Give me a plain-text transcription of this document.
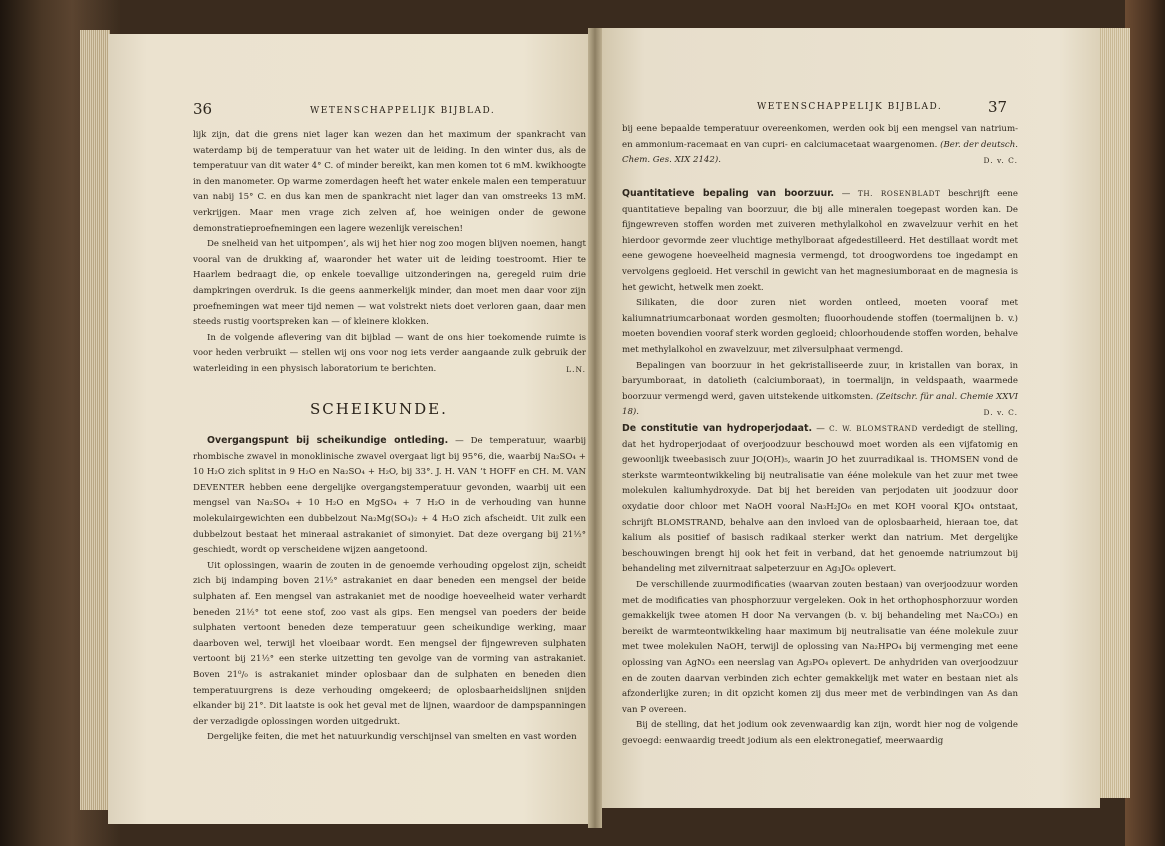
36	WETENSCHAPPELIJK BIJBLAD.

lijk zijn, dat die grens niet lager kan wezen dan het maximum der spankracht van waterdamp bij de temperatuur van het water uit de leiding. In den winter dus, als de temperatuur van dit water 4° C. of minder bereikt, kan men komen tot 6 mM. kwikhoogte in den manometer. Op warme zomerdagen heeft het water enkele malen een temperatuur van nabij 15° C. en dus kan men de spankracht niet lager dan van omstreeks 13 mM. verkrijgen. Maar men vrage zich zelven af, hoe weinigen onder de gewone demonstratieproefnemingen een lagere wezenlijk vereischen!

De snelheid van het uitpompen’, als wij het hier nog zoo mogen blijven noemen, hangt vooral van de drukking af, waaronder het water uit de leiding toestroomt. Hier te Haarlem bedraagt die, op enkele toevallige uitzonderingen na, geregeld ruim drie dampkringen overdruk. Is die geens aanmerkelijk minder, dan moet men daar voor zijn proefnemingen wat meer tijd nemen — wat volstrekt niets doet verloren gaan, daar men steeds rustig voortspreken kan — of kleinere klokken.

In de volgende aflevering van dit bijblad — want de ons hier toekomende ruimte is voor heden verbruikt — stellen wij ons voor nog iets verder aangaande zulk gebruik der waterleiding in een physisch laboratorium te berichten.	L.N.

SCHEIKUNDE.

Overgangspunt bij scheikundige ontleding. — De temperatuur, waarbij rhombische zwavel in monoklinische zwavel overgaat ligt bij 95°6, die, waarbij Na₂SO₄ + 10 H₂O zich splitst in 9 H₂O en Na₂SO₄ + H₂O, bij 33°. J. H. VAN ’t HOFF en CH. M. VAN DEVENTER hebben eene dergelijke overgangstemperatuur gevonden, waarbij uit een mengsel van Na₂SO₄ + 10 H₂O en MgSO₄ + 7 H₂O in de verhouding van hunne molekulairgewichten een dubbelzout Na₂Mg(SO₄)₂ + 4 H₂O zich afscheidt. Uit zulk een dubbelzout bestaat het mineraal astrakaniet of simonyiet. Dat deze overgang bij 21½° geschiedt, wordt op verscheidene wijzen aangetoond.

Uit oplossingen, waarin de zouten in de genoemde verhouding opgelost zijn, scheidt zich bij indamping boven 21½° astrakaniet en daar beneden een mengsel der beide sulphaten af. Een mengsel van astrakaniet met de noodige hoeveelheid water verhardt beneden 21½° tot eene stof, zoo vast als gips. Een mengsel van poeders der beide sulphaten vertoont beneden deze temperatuur geen scheikundige werking, maar daarboven wel, terwijl het vloeibaar wordt. Een mengsel der fijngewreven sulphaten vertoont bij 21½° een sterke uitzetting ten gevolge van de vorming van astrakaniet. Boven 21⁰/₀ is astrakaniet minder oplosbaar dan de sulphaten en beneden dien temperatuurgrens is deze verhouding omgekeerd; de oplosbaarheidslijnen snijden elkander bij 21°. Dit laatste is ook het geval met de lijnen, waardoor de dampspanningen der verzadigde oplossingen worden uitgedrukt.

Dergelijke feiten, die met het natuurkundig verschijnsel van smelten en vast worden

WETENSCHAPPELIJK BIJBLAD.	37

bij eene bepaalde temperatuur overeenkomen, werden ook bij een mengsel van natrium- en ammonium-racemaat en van cupri- en calciumacetaat waargenomen. (Ber. der deutsch. Chem. Ges. XIX 2142).	D. v. C.

Quantitatieve bepaling van boorzuur. — TH. ROSENBLADT beschrijft eene quantitatieve bepaling van boorzuur, die bij alle mineralen toegepast worden kan. De fijngewreven stoffen worden met zuiveren methylalkohol en zwavelzuur verhit en het hierdoor gevormde zeer vluchtige methylboraat afgedestilleerd. Het destillaat wordt met eene gewogene hoeveelheid magnesia vermengd, tot droogwordens toe ingedampt en vervolgens gegloeid. Het verschil in gewicht van het magnesiumboraat en de magnesia is het gewicht, hetwelk men zoekt.

Silikaten, die door zuren niet worden ontleed, moeten vooraf met kaliumnatriumcarbonaat worden gesmolten; fluoorhoudende stoffen (toermalijnen b. v.) moeten bovendien vooraf sterk worden gegloeid; chloorhoudende stoffen worden, behalve met methylalkohol en zwavelzuur, met zilversulphaat vermengd.

Bepalingen van boorzuur in het gekristalliseerde zuur, in kristallen van borax, in baryumboraat, in datolieth (calciumboraat), in toermalijn, in veldspaath, waarmede boorzuur vermengd werd, gaven uitstekende uitkomsten. (Zeitschr. für anal. Chemie XXVI 18).	D. v. C.

De constitutie van hydroperjodaat. — C. W. BLOMSTRAND verdedigt de stelling, dat het hydroperjodaat of overjoodzuur beschouwd moet worden als een vijfatomig en gewoonlijk tweebasisch zuur JO(OH)₅, waarin JO het zuurradikaal is. THOMSEN vond de sterkste warmteontwikkeling bij neutralisatie van ééne molekule van het zuur met twee molekulen kaliumhydroxyde. Dat bij het bereiden van perjodaten uit joodzuur door oxydatie door chloor met NaOH vooral Na₃H₂JO₆ en met KOH vooral KJO₄ ontstaat, schrijft BLOMSTRAND, behalve aan den invloed van de oplosbaarheid, hieraan toe, dat kalium als positief of basisch radikaal sterker werkt dan natrium. Met dergelijke beschouwingen brengt hij ook het feit in verband, dat het genoemde natriumzout bij behandeling met zilvernitraat salpeterzuur en Ag₃JO₆ oplevert.

De verschillende zuurmodificaties (waarvan zouten bestaan) van overjoodzuur worden met de modificaties van phosphorzuur vergeleken. Ook in het orthophosphorzuur worden gemakkelijk twee atomen H door Na vervangen (b. v. bij behandeling met Na₂CO₃) en bereikt de warmteontwikkeling haar maximum bij neutralisatie van ééne molekule zuur met twee molekulen NaOH, terwijl de oplossing van Na₂HPO₄ bij vermenging met eene oplossing van AgNO₃ een neerslag van Ag₃PO₄ oplevert. De anhydriden van overjoodzuur en de zouten daarvan verbinden zich echter gemakkelijk met water en bestaan niet als afzonderlijke zuren; in dit opzicht komen zij dus meer met de verbindingen van As dan van P overeen.

Bij de stelling, dat het jodium ook zevenwaardig kan zijn, wordt hier nog de volgende gevoegd: eenwaardig treedt jodium als een elektronegatief, meerwaardig
